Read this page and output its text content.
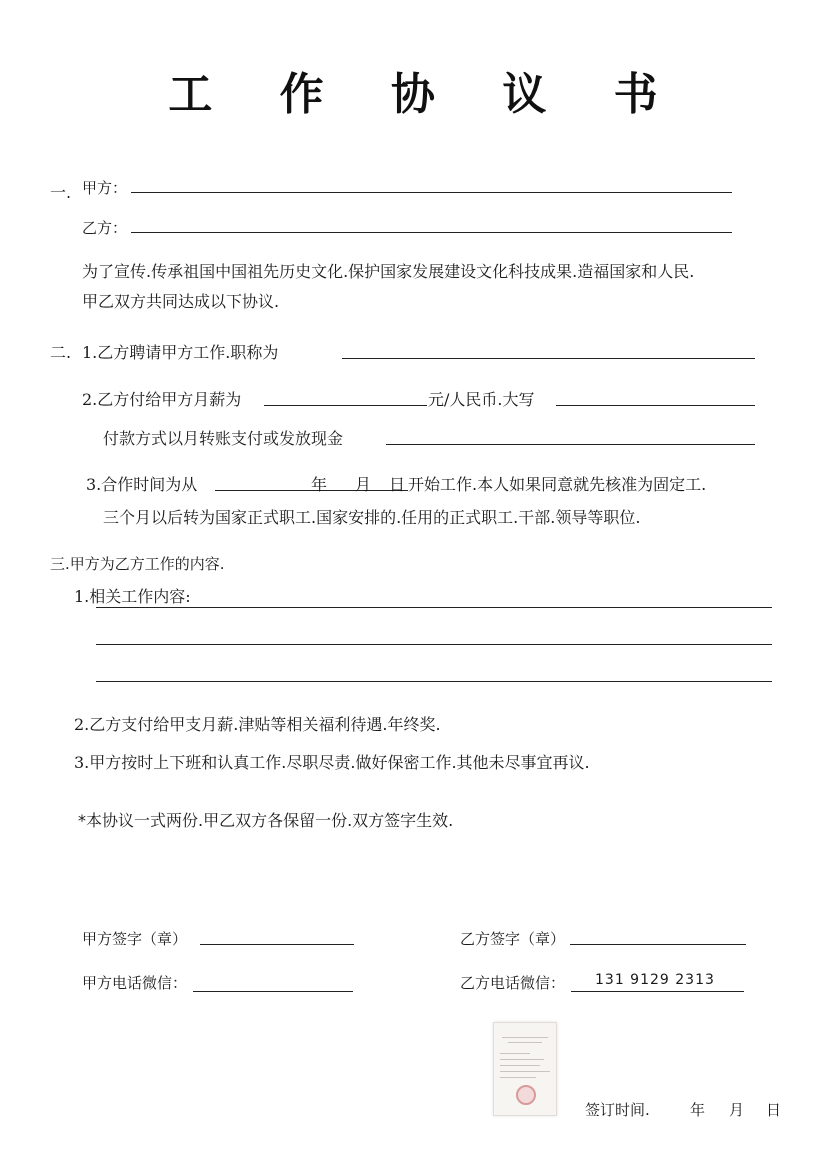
工 作 协 议 书
一. 甲方：
乙方：
为了宣传.传承祖国中国祖先历史文化.保护国家发展建设文化科技成果.造福国家和人民.
甲乙双方共同达成以下协议.
二. 1.乙方聘请甲方工作.职称为
2.乙方付给甲方月薪为	元/人民币.大写
付款方式以月转账支付或发放现金
3.合作时间为从	年 月 日 开始工作.本人如果同意就先核准为固定工.
三个月以后转为国家正式职工.国家安排的.任用的正式职工.干部.领导等职位.
三.甲方为乙方工作的内容.
1.相关工作内容:
2.乙方支付给甲支月薪.津贴等相关福利待遇.年终奖.
3.甲方按时上下班和认真工作.尽职尽责.做好保密工作.其他未尽事宜再议.
*本协议一式两份.甲乙双方各保留一份.双方签字生效.
甲方签字（章）	乙方签字（章）
甲方电话微信：	乙方电话微信： 131 9129 2313
签订时间.	年 月 日
